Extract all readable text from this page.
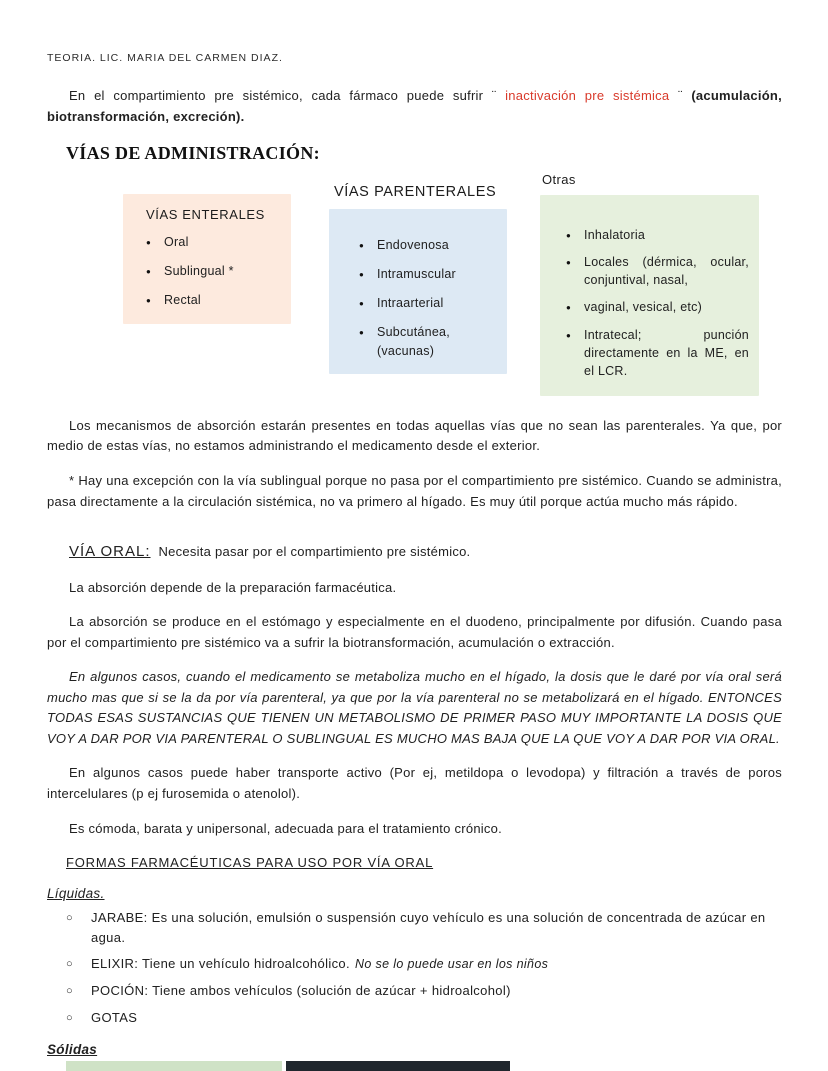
TEORIA. LIC. MARIA DEL CARMEN DIAZ.

En el compartimiento pre sistémico, cada fármaco puede sufrir ¨ inactivación pre sistémica ¨ (acumulación, biotransformación, excreción).

VÍAS DE ADMINISTRACIÓN:
VÍAS ENTERALES
●	Oral
●	Sublingual *
●	Rectal
VÍAS PARENTERALES
●	Endovenosa
●	Intramuscular
●	Intraarterial
●	Subcutánea, (vacunas)
Otras
●	Inhalatoria
●	Locales (dérmica, ocular, conjuntival, nasal,
●	vaginal, vesical, etc)
●	Intratecal; punción directamente en la ME, en el LCR.

Los mecanismos de absorción estarán presentes en todas aquellas vías que no sean las parenterales. Ya que, por medio de estas vías, no estamos administrando el medicamento desde el exterior.

* Hay una excepción con la vía sublingual porque no pasa por el compartimiento pre sistémico. Cuando se administra, pasa directamente a la circulación sistémica, no va primero al hígado. Es muy útil porque actúa mucho más rápido.

VÍA ORAL: Necesita pasar por el compartimiento pre sistémico.

La absorción depende de la preparación farmacéutica.

La absorción se produce en el estómago y especialmente en el duodeno, principalmente por difusión. Cuando pasa por el compartimiento pre sistémico va a sufrir la biotransformación, acumulación o extracción.

En algunos casos, cuando el medicamento se metaboliza mucho en el hígado, la dosis que le daré por vía oral será mucho mas que si se la da por vía parenteral, ya que por la vía parenteral no se metabolizará en el hígado. ENTONCES TODAS ESAS SUSTANCIAS QUE TIENEN UN METABOLISMO DE PRIMER PASO MUY IMPORTANTE LA DOSIS QUE VOY A DAR POR VIA PARENTERAL O SUBLINGUAL ES MUCHO MAS BAJA QUE LA QUE VOY A DAR POR VIA ORAL.

En algunos casos puede haber transporte activo (Por ej, metildopa o levodopa) y filtración a través de poros intercelulares (p ej furosemida o atenolol).

Es cómoda, barata y unipersonal, adecuada para el tratamiento crónico.

FORMAS FARMACÉUTICAS PARA USO POR VÍA ORAL
Líquidas.
○	JARABE: Es una solución, emulsión o suspensión cuyo vehículo es una solución de concentrada de azúcar en agua.
○	ELIXIR: Tiene un vehículo hidroalcohólico. No se lo puede usar en los niños
○	POCIÓN: Tiene ambos vehículos (solución de azúcar + hidroalcohol)
○	GOTAS
Sólidas
